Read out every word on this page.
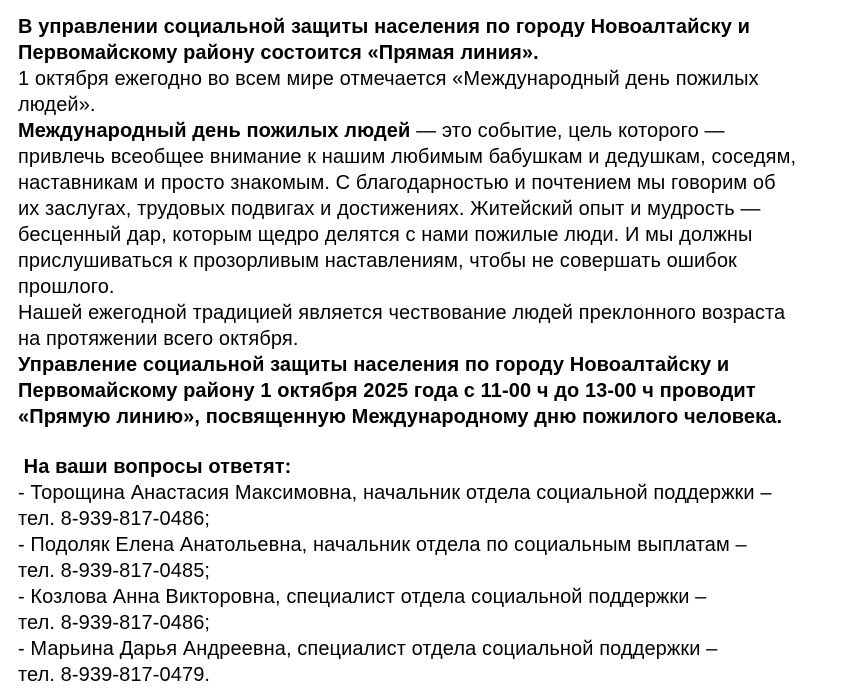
В управлении социальной защиты населения по городу Новоалтайску и
Первомайскому району состоится «Прямая линия».
1 октября ежегодно во всем мире отмечается «Международный день пожилых
людей».
Международный день пожилых людей — это событие, цель которого —
привлечь всеобщее внимание к нашим любимым бабушкам и дедушкам, соседям,
наставникам и просто знакомым. С благодарностью и почтением мы говорим об
их заслугах, трудовых подвигах и достижениях. Житейский опыт и мудрость —
бесценный дар, которым щедро делятся с нами пожилые люди. И мы должны
прислушиваться к прозорливым наставлениям, чтобы не совершать ошибок
прошлого.
Нашей ежегодной традицией является чествование людей преклонного возраста
на протяжении всего октября.
Управление социальной защиты населения по городу Новоалтайску и
Первомайскому району 1 октября 2025 года с 11-00 ч до 13-00 ч проводит
«Прямую линию», посвященную Международному дню пожилого человека.
На ваши вопросы ответят:
- Торощина Анастасия Максимовна, начальник отдела социальной поддержки –
тел. 8-939-817-0486;
- Подоляк Елена Анатольевна, начальник отдела по социальным выплатам –
тел. 8-939-817-0485;
- Козлова Анна Викторовна, специалист отдела социальной поддержки –
тел. 8-939-817-0486;
- Марьина Дарья Андреевна, специалист отдела социальной поддержки –
тел. 8-939-817-0479.
